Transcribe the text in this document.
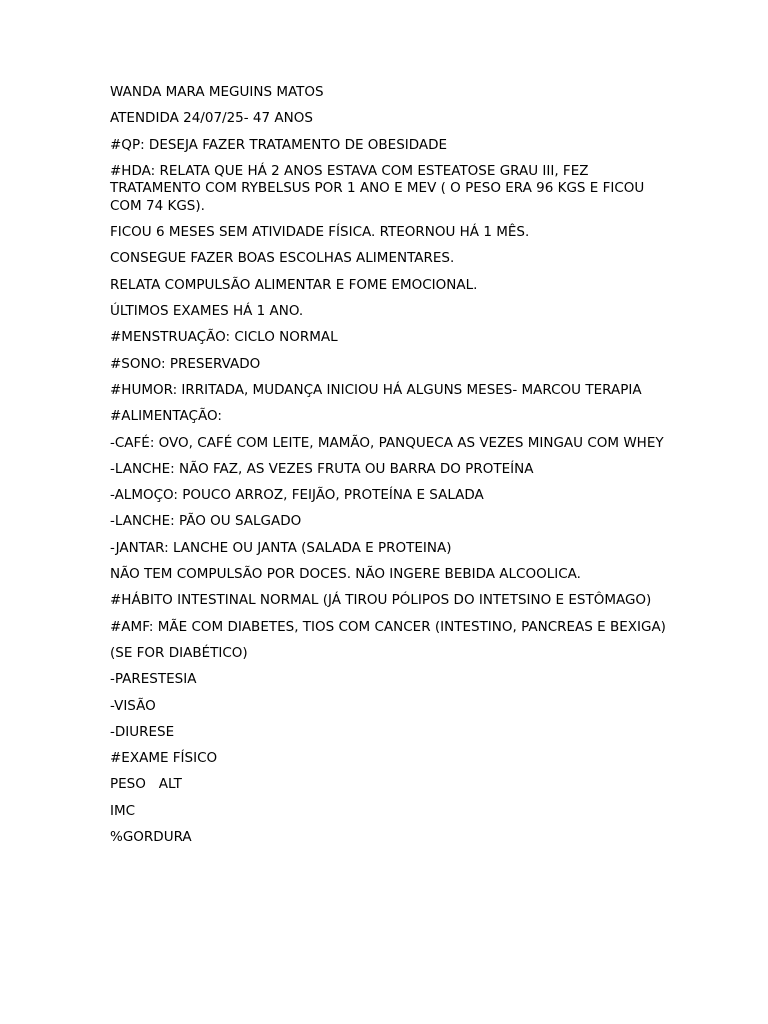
WANDA MARA MEGUINS MATOS

ATENDIDA 24/07/25- 47 ANOS

#QP: DESEJA FAZER TRATAMENTO DE OBESIDADE

#HDA: RELATA QUE HÁ 2 ANOS ESTAVA COM ESTEATOSE GRAU III, FEZ TRATAMENTO COM RYBELSUS POR 1 ANO E MEV ( O PESO ERA 96 KGS E FICOU COM 74 KGS).

FICOU 6 MESES SEM ATIVIDADE FÍSICA. RTEORNOU HÁ 1 MÊS.

CONSEGUE FAZER BOAS ESCOLHAS ALIMENTARES.

RELATA COMPULSÃO ALIMENTAR E FOME EMOCIONAL.

ÚLTIMOS EXAMES HÁ 1 ANO.

#MENSTRUAÇÃO: CICLO NORMAL

#SONO: PRESERVADO

#HUMOR: IRRITADA, MUDANÇA INICIOU HÁ ALGUNS MESES- MARCOU TERAPIA

#ALIMENTAÇÃO:

-CAFÉ: OVO, CAFÉ COM LEITE, MAMÃO, PANQUECA AS VEZES MINGAU COM WHEY

-LANCHE: NÃO FAZ, AS VEZES FRUTA OU BARRA DO PROTEÍNA

-ALMOÇO: POUCO ARROZ, FEIJÃO, PROTEÍNA E SALADA

-LANCHE: PÃO OU SALGADO

-JANTAR: LANCHE OU JANTA (SALADA E PROTEINA)

NÃO TEM COMPULSÃO POR DOCES. NÃO INGERE BEBIDA ALCOOLICA.

#HÁBITO INTESTINAL NORMAL (JÁ TIROU PÓLIPOS DO INTETSINO E ESTÔMAGO)

#AMF: MÃE COM DIABETES, TIOS COM CANCER (INTESTINO, PANCREAS E BEXIGA)

(SE FOR DIABÉTICO)

-PARESTESIA

-VISÃO

-DIURESE

#EXAME FÍSICO

PESO   ALT

IMC

%GORDURA
